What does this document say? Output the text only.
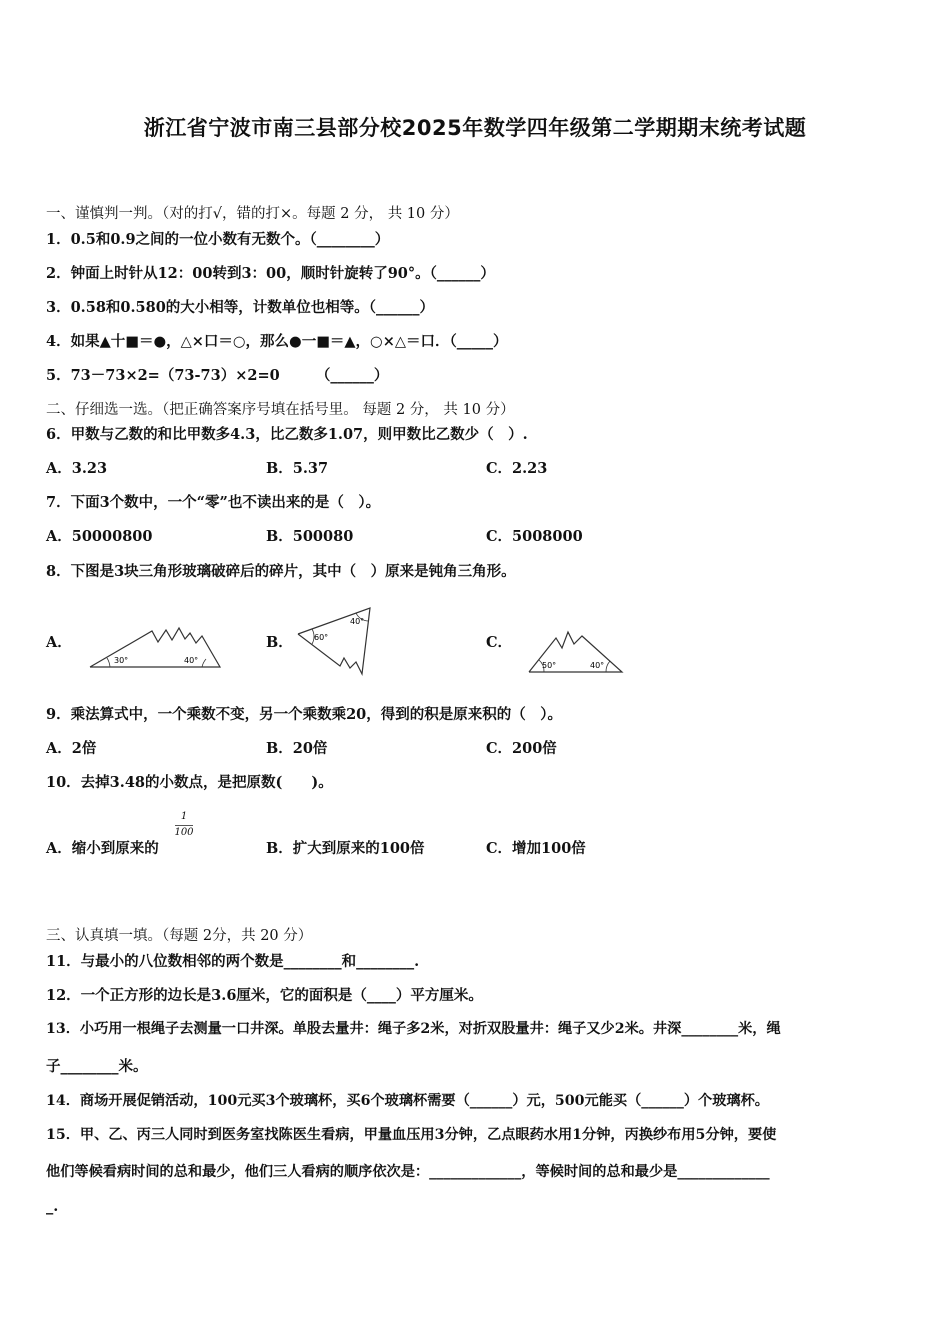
浙江省宁波市南三县部分校2025年数学四年级第二学期期末统考试题
一、谨慎判一判。（对的打√，错的打×。每题 2 分， 共 10 分）
1．0.5和0.9之间的一位小数有无数个。（________）
2．钟面上时针从12：00转到3：00，顺时针旋转了90°。（______）
3．0.58和0.580的大小相等，计数单位也相等。（______）
4．如果▲十■＝●，△×口＝○，那么●一■＝▲，○×△＝口．（_____）
5．73－73×2=（73-73）×2=0　　　（______）
二、仔细选一选。（把正确答案序号填在括号里。 每题 2 分， 共 10 分）
6．甲数与乙数的和比甲数多4.3，比乙数多1.07，则甲数比乙数少（　）.
A．3.23	B．5.37	C．2.23
7．下面3个数中，一个“零”也不读出来的是（　）。
A．50000800	B．500080	C．5008000
8．下图是3块三角形玻璃破碎后的碎片，其中（　）原来是钝角三角形。
A．	B．	C．
30°	40°
60°
40°
50°	40°
9．乘法算式中，一个乘数不变，另一个乘数乘20，得到的积是原来积的（　）。
A．2倍	B．20倍	C．200倍
10．去掉3.48的小数点，是把原数(　　)。
A．缩小到原来的
1
100
B．扩大到原来的100倍	C．增加100倍
三、认真填一填。（每题 2分，共 20 分）
11．与最小的八位数相邻的两个数是________和________.
12．一个正方形的边长是3.6厘米，它的面积是（____）平方厘米。
13．小巧用一根绳子去测量一口井深。单股去量井：绳子多2米，对折双股量井：绳子又少2米。井深________米，绳
子________米。
14．商场开展促销活动，100元买3个玻璃杯，买6个玻璃杯需要（______）元，500元能买（______）个玻璃杯。
15．甲、乙、丙三人同时到医务室找陈医生看病，甲量血压用3分钟，乙点眼药水用1分钟，丙换纱布用5分钟，要使
他们等候看病时间的总和最少，他们三人看病的顺序依次是：_____________，等候时间的总和最少是_____________
_.
